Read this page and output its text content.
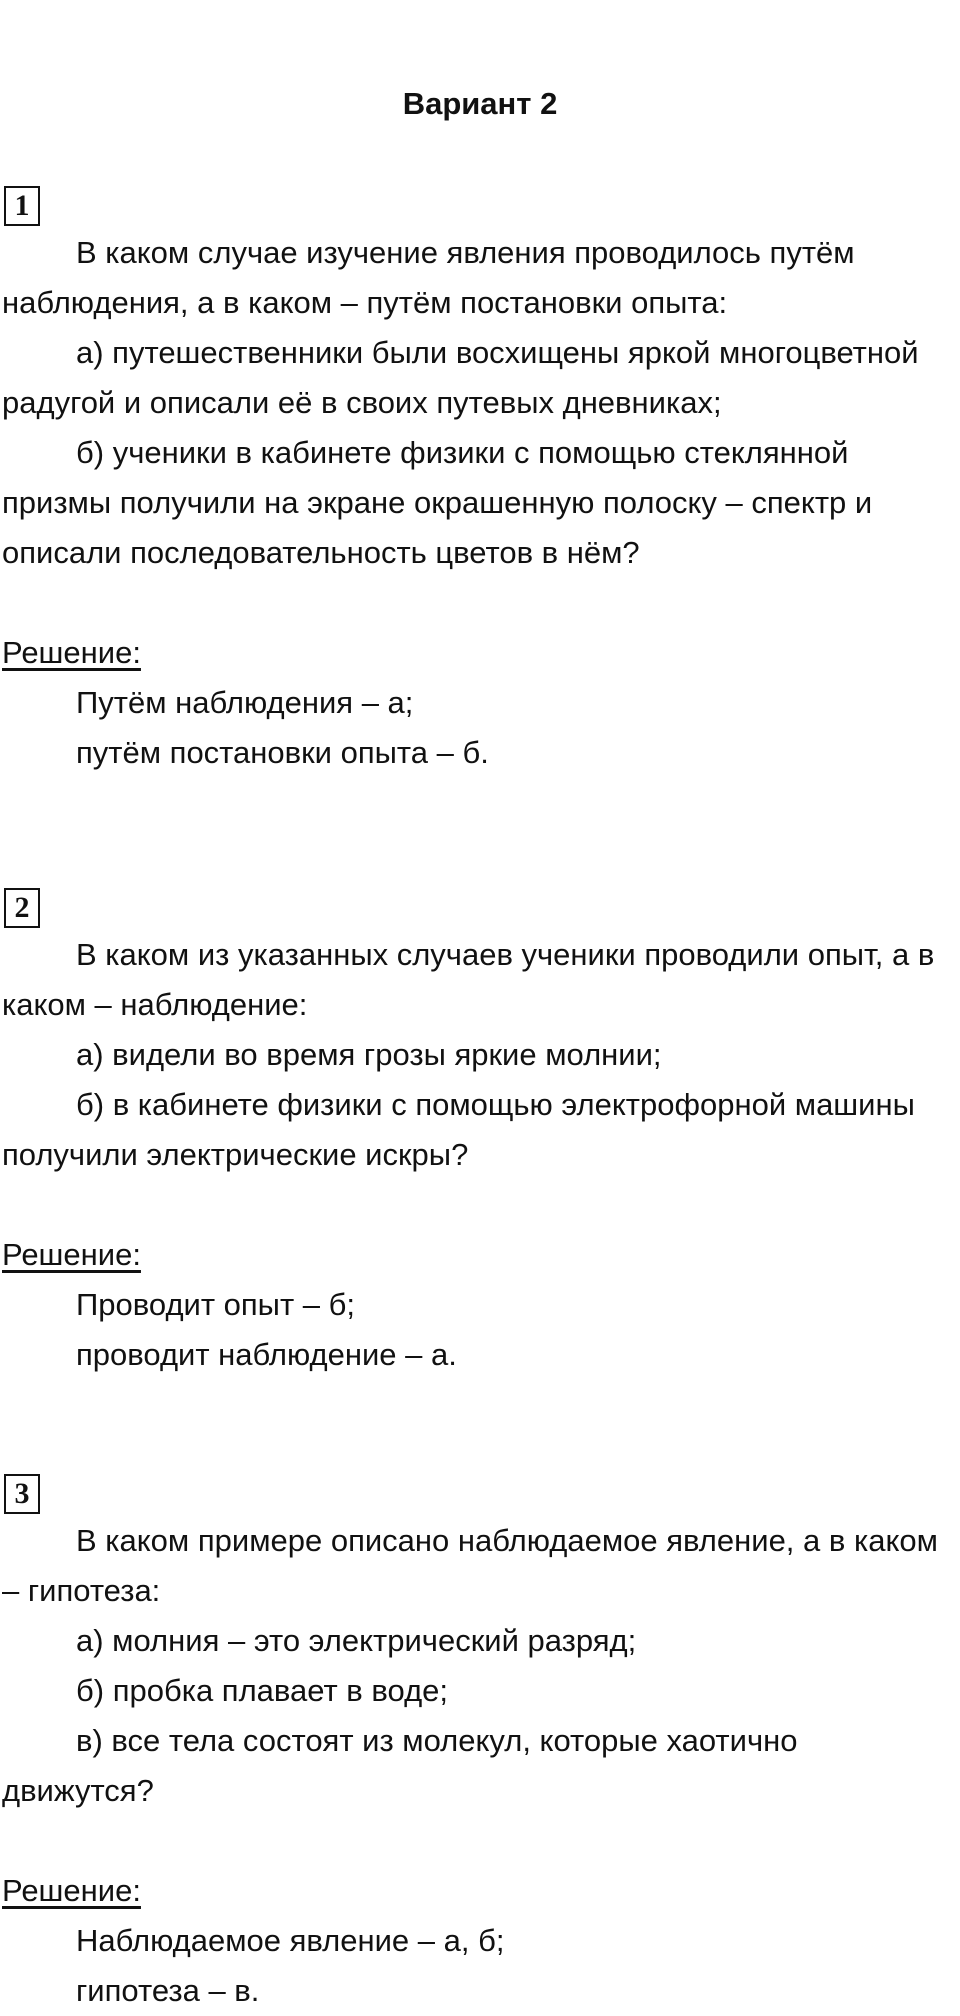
Вариант 2
1

В каком случае изучение явления проводилось путём наблюдения, а в каком – путём постановки опыта:

а) путешественники были восхищены яркой многоцветной радугой и описали её в своих путевых дневниках;

б) ученики в кабинете физики с помощью стеклянной призмы получили на экране окрашенную полоску – спектр и описали последовательность цветов в нём?

Решение:

Путём наблюдения – а;

путём постановки опыта – б.

2

В каком из указанных случаев ученики проводили опыт, а в каком – наблюдение:

а) видели во время грозы яркие молнии;

б) в кабинете физики с помощью электрофорной машины получили электрические искры?

Решение:

Проводит опыт – б;

проводит наблюдение – а.

3

В каком примере описано наблюдаемое явление, а в каком – гипотеза:

а) молния – это электрический разряд;

б) пробка плавает в воде;

в) все тела состоят из молекул, которые хаотично движутся?

Решение:

Наблюдаемое явление – а, б;

гипотеза – в.
